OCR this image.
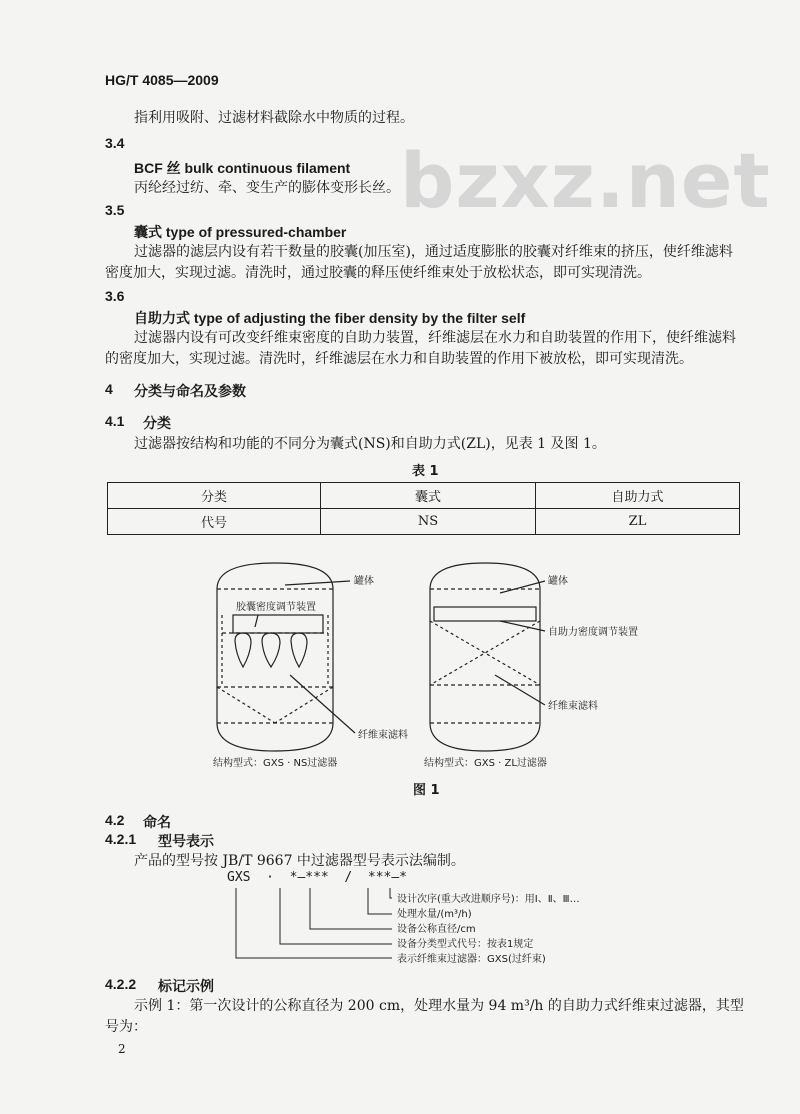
HG/T 4085—2009
bzxz.net
指利用吸附、过滤材料截除水中物质的过程。
3.4
BCF 丝 bulk continuous filament
丙纶经过纺、牵、变生产的膨体变形长丝。
3.5
囊式 type of pressured-chamber
过滤器的滤层内设有若干数量的胶囊(加压室)，通过适度膨胀的胶囊对纤维束的挤压，使纤维滤料
密度加大，实现过滤。清洗时，通过胶囊的释压使纤维束处于放松状态，即可实现清洗。
3.6
自助力式 type of adjusting the fiber density by the filter self
过滤器内设有可改变纤维束密度的自助力装置，纤维滤层在水力和自助装置的作用下，使纤维滤料
的密度加大，实现过滤。清洗时，纤维滤层在水力和自助装置的作用下被放松，即可实现清洗。
4 分类与命名及参数
4.1 分类
过滤器按结构和功能的不同分为囊式(NS)和自助力式(ZL)，见表 1 及图 1。
表 1
分类	囊式	自助力式
代号	NS	ZL
罐体
胶囊密度调节装置
纤维束滤料
结构型式：GXS · NS过滤器
罐体
自助力密度调节装置
纤维束滤料
结构型式：GXS · ZL过滤器
图 1
4.2 命名
4.2.1 型号表示
产品的型号按 JB/T 9667 中过滤器型号表示法编制。
GXS  ·  *—***  /  ***—*
设计次序(重大改进顺序号)：用Ⅰ、Ⅱ、Ⅲ…
处理水量/(m³/h)
设备公称直径/cm
设备分类型式代号：按表1规定
表示纤维束过滤器：GXS(过纤束)
4.2.2 标记示例
示例 1：第一次设计的公称直径为 200 cm，处理水量为 94 m³/h 的自助力式纤维束过滤器，其型
号为：
2
